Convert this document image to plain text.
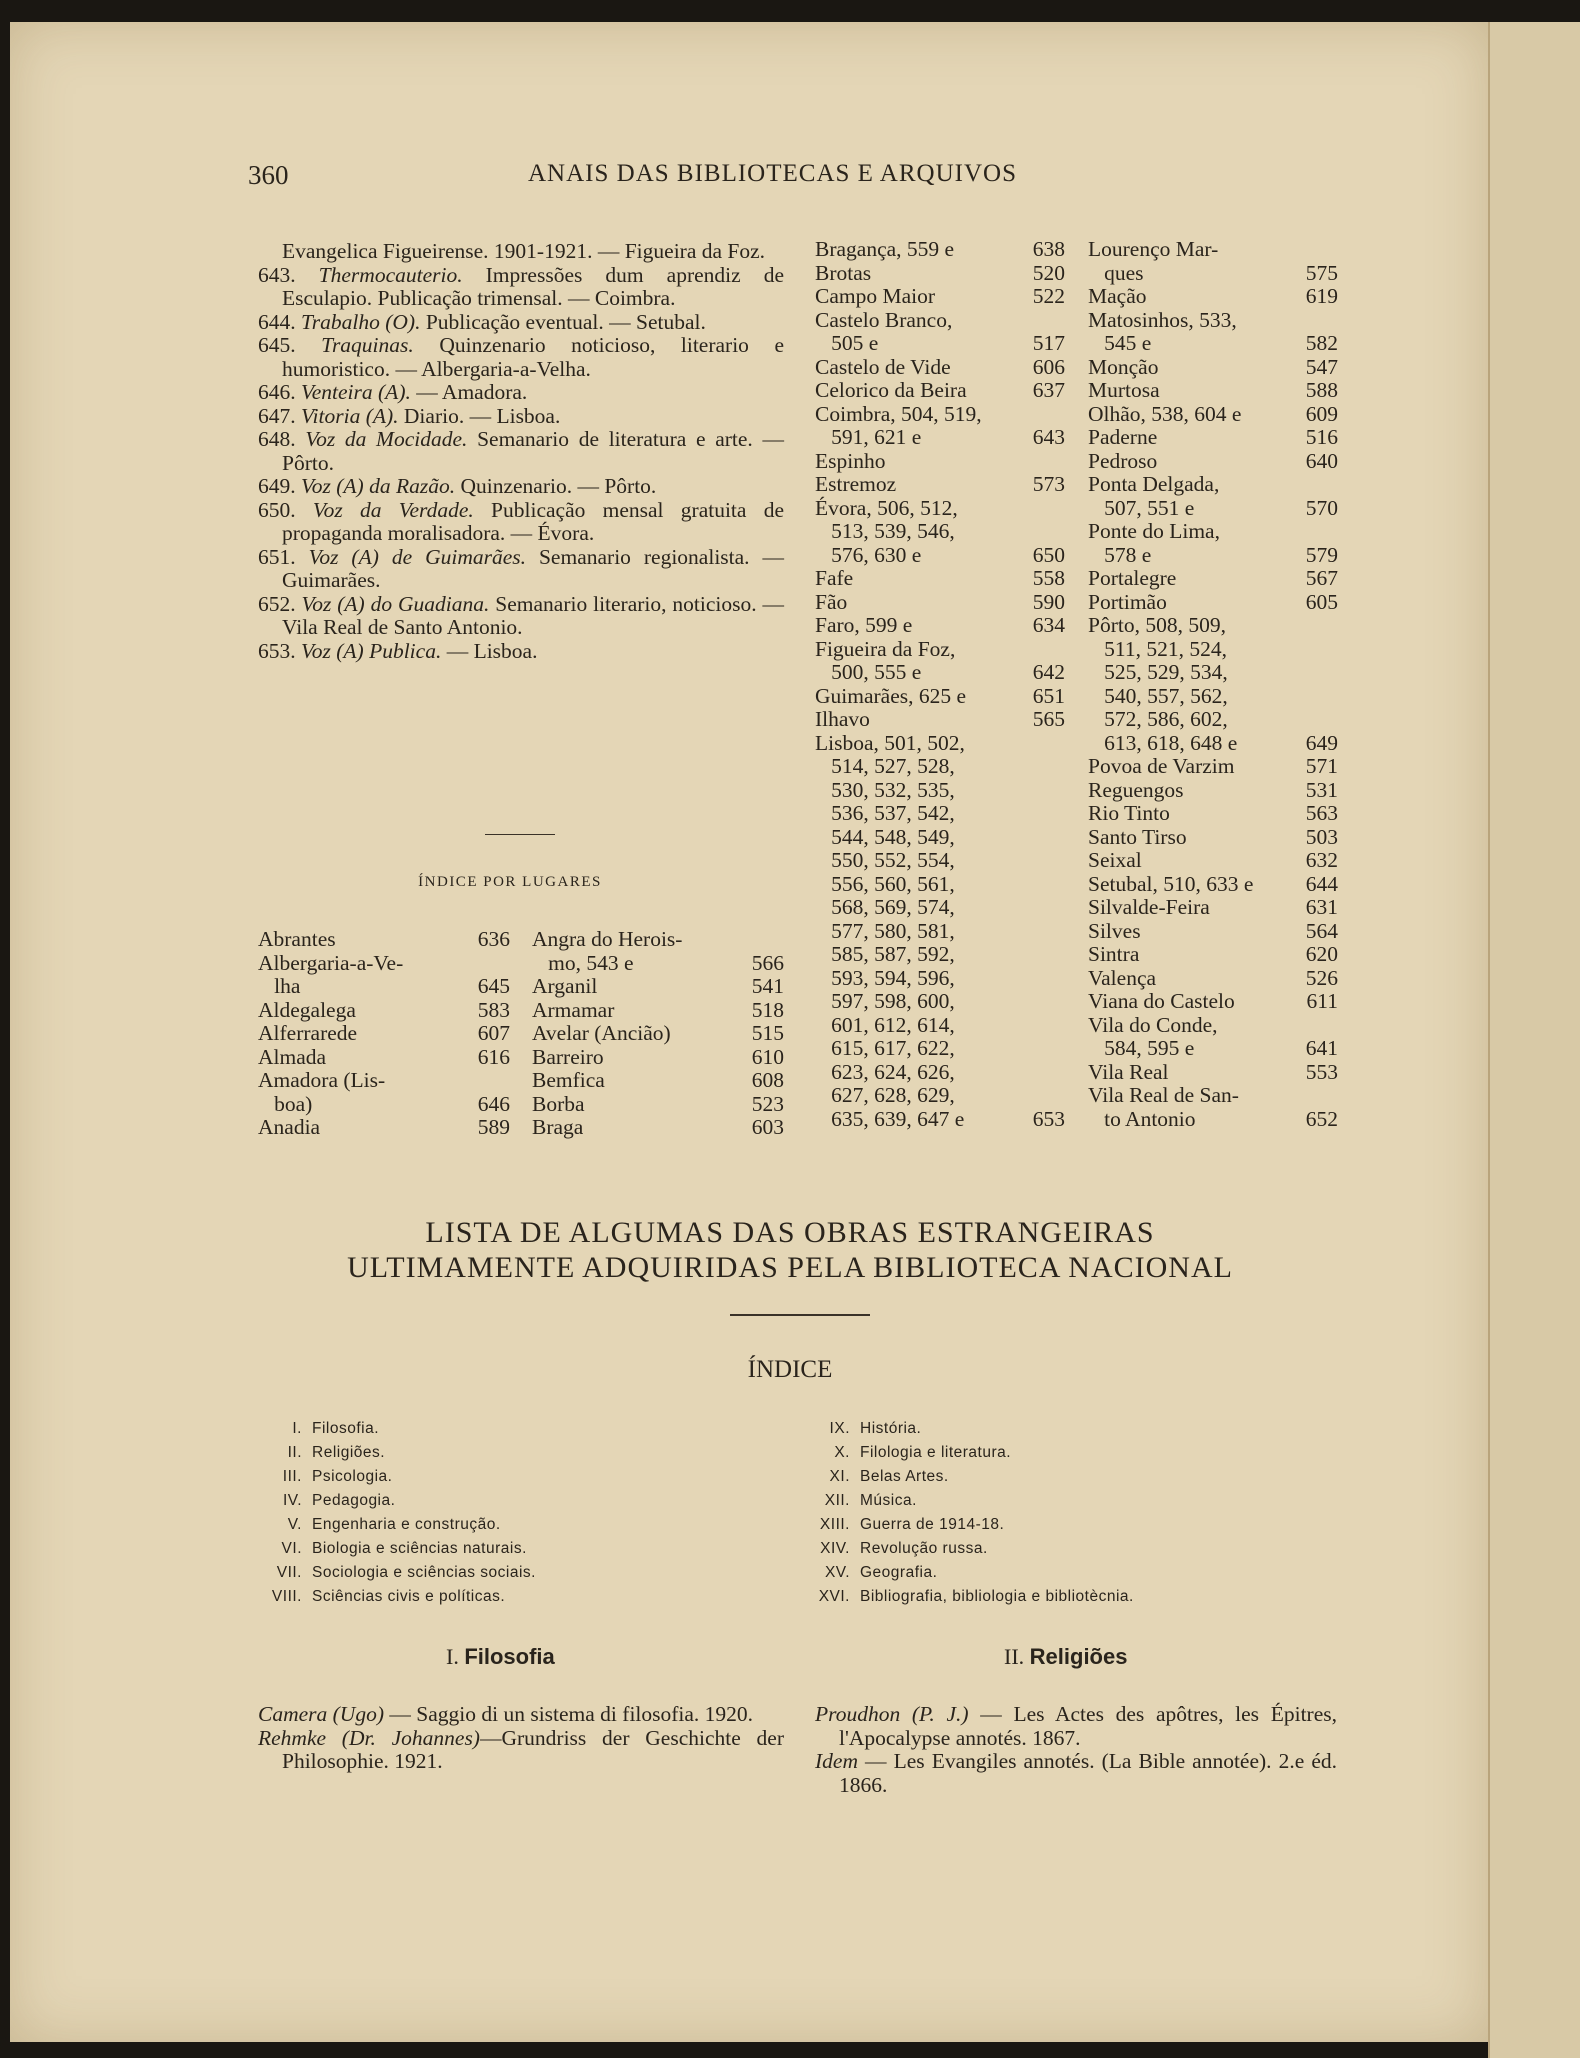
360	ANAIS DAS BIBLIOTECAS E ARQUIVOS

Evangelica Figueirense. 1901-1921. — Figueira da Foz.

643. Thermocauterio. Impressões dum aprendiz de Esculapio. Publicação trimensal. — Coimbra.

644. Trabalho (O). Publicação eventual. — Setubal.

645. Traquinas. Quinzenario noticioso, literario e humoristico. — Albergaria-a-Velha.

646. Venteira (A). — Amadora.

647. Vitoria (A). Diario. — Lisboa.

648. Voz da Mocidade. Semanario de literatura e arte. — Pôrto.

649. Voz (A) da Razão. Quinzenario. — Pôrto.

650. Voz da Verdade. Publicação mensal gratuita de propaganda moralisadora. — Évora.

651. Voz (A) de Guimarães. Semanario regionalista. — Guimarães.

652. Voz (A) do Guadiana. Semanario literario, noticioso. — Vila Real de Santo Antonio.

653. Voz (A) Publica. — Lisboa.

ÍNDICE POR LUGARES
Abrantes	636
Albergaria-a-Ve-	
lha	645
Aldegalega	583
Alferrarede	607
Almada	616
Amadora (Lis-	
boa)	646
Anadia	589
Angra do Herois-	
mo, 543 e	566
Arganil	541
Armamar	518
Avelar (Ancião)	515
Barreiro	610
Bemfica	608
Borba	523
Braga	603
Bragança, 559 e	638
Brotas	520
Campo Maior	522
Castelo Branco,	
505 e	517
Castelo de Vide	606
Celorico da Beira	637
Coimbra, 504, 519,	
591, 621 e	643
Espinho	
Estremoz	573
Évora, 506, 512,	
513, 539, 546,	
576, 630 e	650
Fafe	558
Fão	590
Faro, 599 e	634
Figueira da Foz,	
500, 555 e	642
Guimarães, 625 e	651
Ilhavo	565
Lisboa, 501, 502,	
514, 527, 528,	
530, 532, 535,	
536, 537, 542,	
544, 548, 549,	
550, 552, 554,	
556, 560, 561,	
568, 569, 574,	
577, 580, 581,	
585, 587, 592,	
593, 594, 596,	
597, 598, 600,	
601, 612, 614,	
615, 617, 622,	
623, 624, 626,	
627, 628, 629,	
635, 639, 647 e	653
Lourenço Mar-	
ques	575
Mação	619
Matosinhos, 533,	
545 e	582
Monção	547
Murtosa	588
Olhão, 538, 604 e	609
Paderne	516
Pedroso	640
Ponta Delgada,	
507, 551 e	570
Ponte do Lima,	
578 e	579
Portalegre	567
Portimão	605
Pôrto, 508, 509,	
511, 521, 524,	
525, 529, 534,	
540, 557, 562,	
572, 586, 602,	
613, 618, 648 e	649
Povoa de Varzim	571
Reguengos	531
Rio Tinto	563
Santo Tirso	503
Seixal	632
Setubal, 510, 633 e	644
Silvalde-Feira	631
Silves	564
Sintra	620
Valença	526
Viana do Castelo	611
Vila do Conde,	
584, 595 e	641
Vila Real	553
Vila Real de San-	
to Antonio	652
LISTA DE ALGUMAS DAS OBRAS ESTRANGEIRAS
ULTIMAMENTE ADQUIRIDAS PELA BIBLIOTECA NACIONAL
ÍNDICE
I. Filosofia.
II. Religiões.
III. Psicologia.
IV. Pedagogia.
V. Engenharia e construção.
VI. Biologia e sciências naturais.
VII. Sociologia e sciências sociais.
VIII. Sciências civis e políticas.
IX. História.
X. Filologia e literatura.
XI. Belas Artes.
XII. Música.
XIII. Guerra de 1914-18.
XIV. Revolução russa.
XV. Geografia.
XVI. Bibliografia, bibliologia e bibliotècnia.
I. Filosofia	II. Religiões

Camera (Ugo) — Saggio di un sistema di filosofia. 1920.

Rehmke (Dr. Johannes)—Grundriss der Geschichte der Philosophie. 1921.

Proudhon (P. J.) — Les Actes des apôtres, les Épitres, l'Apocalypse annotés. 1867.

Idem — Les Evangiles annotés. (La Bible annotée). 2.e éd. 1866.
